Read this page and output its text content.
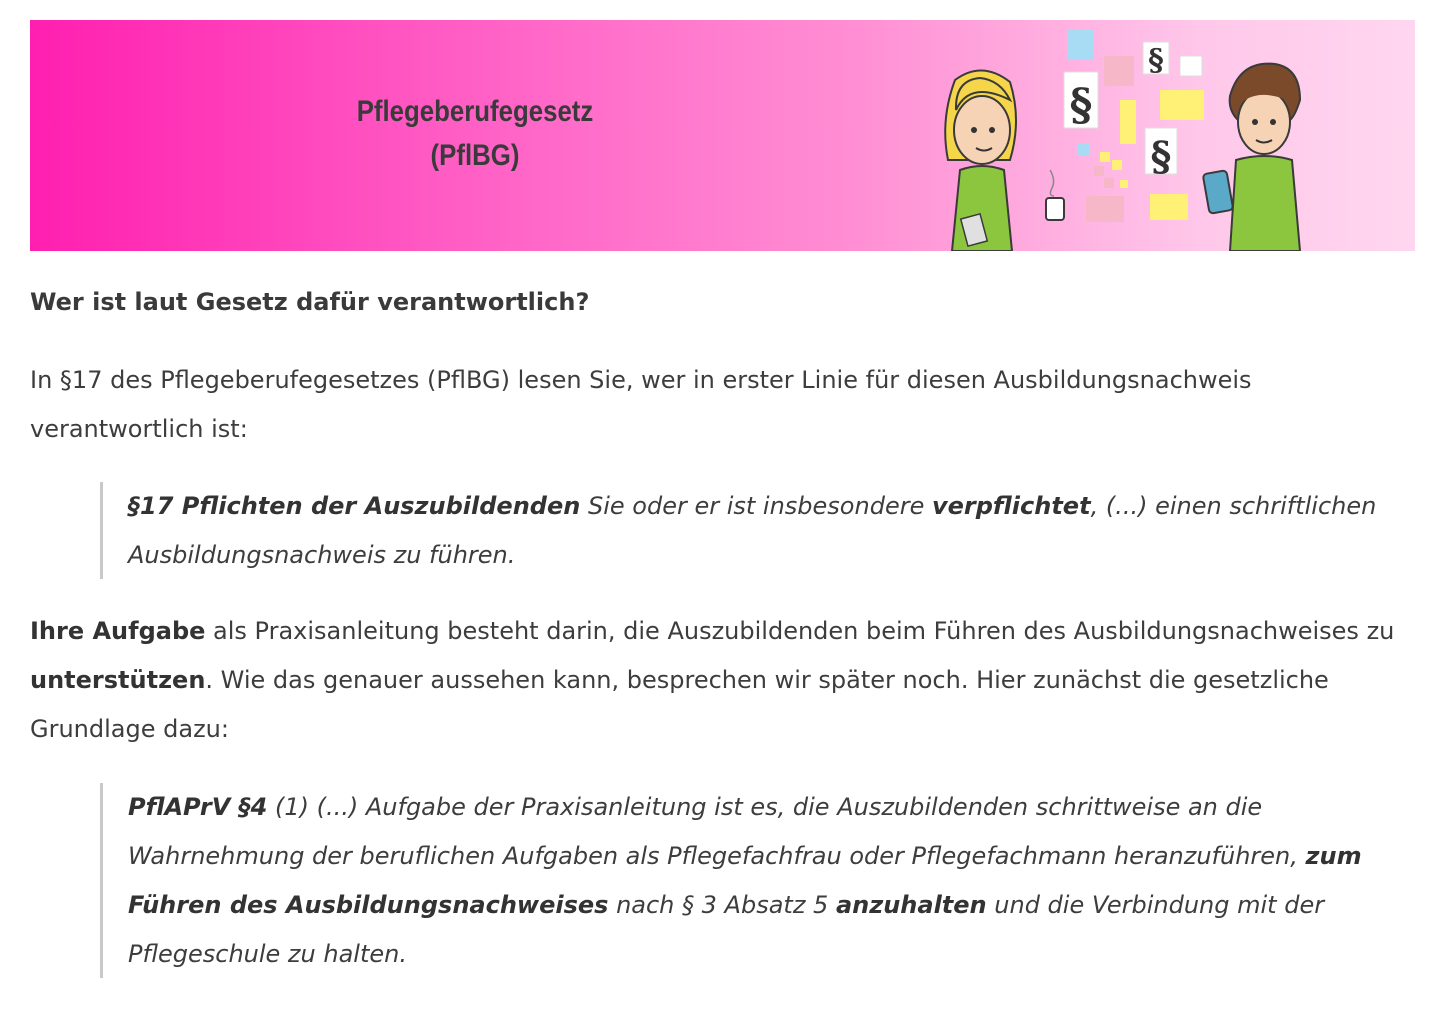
Pflegeberufegesetz
(PflBG)
§
§
§
Wer ist laut Gesetz dafür verantwortlich?

In §17 des Pflegeberufegesetzes (PflBG) lesen Sie, wer in erster Linie für diesen Ausbildungsnachweis verantwortlich ist:

§17 Pflichten der Auszubildenden Sie oder er ist insbesondere verpflichtet, (...) einen schriftlichen Ausbildungsnachweis zu führen.

Ihre Aufgabe als Praxisanleitung besteht darin, die Auszubildenden beim Führen des Ausbildungsnachweises zu unterstützen. Wie das genauer aussehen kann, besprechen wir später noch. Hier zunächst die gesetzliche Grundlage dazu:

PflAPrV §4 (1) (...) Aufgabe der Praxisanleitung ist es, die Auszubildenden schrittweise an die Wahrnehmung der beruflichen Aufgaben als Pflegefachfrau oder Pflegefachmann heranzuführen, zum Führen des Ausbildungsnachweises nach § 3 Absatz 5 anzuhalten und die Verbindung mit der Pflegeschule zu halten.
